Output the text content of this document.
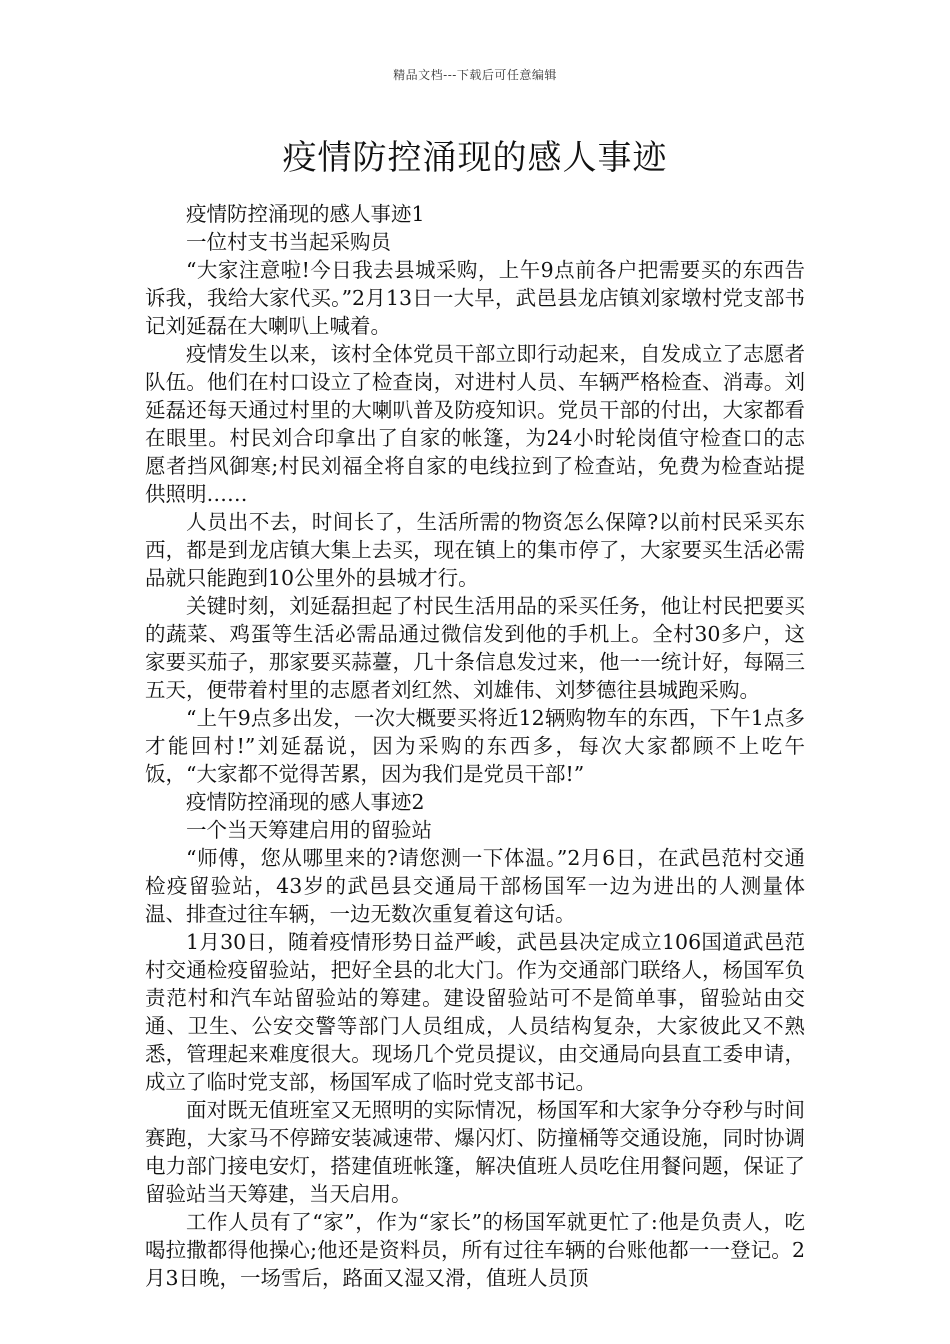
精品文档---下载后可任意编辑
疫情防控涌现的感人事迹

疫情防控涌现的感人事迹1

一位村支书当起采购员

“大家注意啦!今日我去县城采购，上午9点前各户把需要买的东西告诉我，我给大家代买。”2月13日一大早，武邑县龙店镇刘家墩村党支部书记刘延磊在大喇叭上喊着。

疫情发生以来，该村全体党员干部立即行动起来，自发成立了志愿者队伍。他们在村口设立了检查岗，对进村人员、车辆严格检查、消毒。刘延磊还每天通过村里的大喇叭普及防疫知识。党员干部的付出，大家都看在眼里。村民刘合印拿出了自家的帐篷，为24小时轮岗值守检查口的志愿者挡风御寒;村民刘福全将自家的电线拉到了检查站，免费为检查站提供照明……

人员出不去，时间长了，生活所需的物资怎么保障?以前村民采买东西，都是到龙店镇大集上去买，现在镇上的集市停了，大家要买生活必需品就只能跑到10公里外的县城才行。

关键时刻，刘延磊担起了村民生活用品的采买任务，他让村民把要买的蔬菜、鸡蛋等生活必需品通过微信发到他的手机上。全村30多户，这家要买茄子，那家要买蒜薹，几十条信息发过来，他一一统计好，每隔三五天，便带着村里的志愿者刘红然、刘雄伟、刘梦德往县城跑采购。

“上午9点多出发，一次大概要买将近12辆购物车的东西，下午1点多才能回村!”刘延磊说，因为采购的东西多，每次大家都顾不上吃午饭，“大家都不觉得苦累，因为我们是党员干部!”

疫情防控涌现的感人事迹2

一个当天筹建启用的留验站

“师傅，您从哪里来的?请您测一下体温。”2月6日，在武邑范村交通检疫留验站，43岁的武邑县交通局干部杨国军一边为进出的人测量体温、排查过往车辆，一边无数次重复着这句话。

1月30日，随着疫情形势日益严峻，武邑县决定成立106国道武邑范村交通检疫留验站，把好全县的北大门。作为交通部门联络人，杨国军负责范村和汽车站留验站的筹建。建设留验站可不是简单事，留验站由交通、卫生、公安交警等部门人员组成，人员结构复杂，大家彼此又不熟悉，管理起来难度很大。现场几个党员提议，由交通局向县直工委申请，成立了临时党支部，杨国军成了临时党支部书记。

面对既无值班室又无照明的实际情况，杨国军和大家争分夺秒与时间赛跑，大家马不停蹄安装减速带、爆闪灯、防撞桶等交通设施，同时协调电力部门接电安灯，搭建值班帐篷，解决值班人员吃住用餐问题，保证了留验站当天筹建，当天启用。

工作人员有了“家”，作为“家长”的杨国军就更忙了:他是负责人，吃喝拉撒都得他操心;他还是资料员，所有过往车辆的台账他都一一登记。2月3日晚，一场雪后，路面又湿又滑，值班人员顶
